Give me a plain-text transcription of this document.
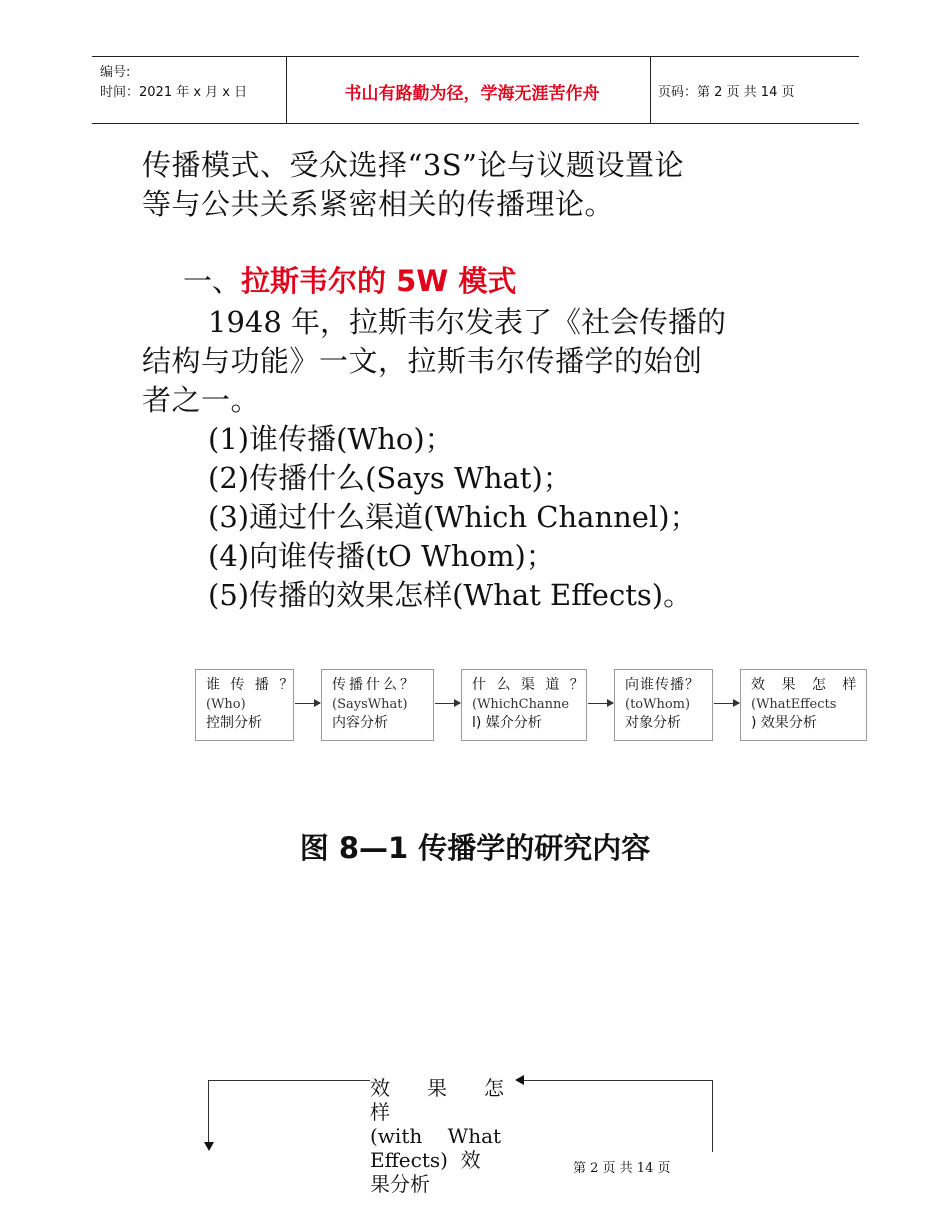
编号:
时间：2021 年 x 月 x 日	书山有路勤为径，学海无涯苦作舟	页码：第 2 页 共 14 页
传播模式、受众选择“3S”论与议题设置论
等与公共关系紧密相关的传播理论。
一、拉斯韦尔的 5W 模式
1948 年，拉斯韦尔发表了《社会传播的
结构与功能》一文，拉斯韦尔传播学的始创
者之一。
(1)谁传播(Who)；
(2)传播什么(Says What)；
(3)通过什么渠道(Which Channel)；
(4)向谁传播(tO Whom)；
(5)传播的效果怎样(What Effects)。
谁 传 播 ？
(Who)
控制分析
传播什么？
(SaysWhat)
内容分析
什 么 渠 道 ？
(WhichChanne
l) 媒介分析
向谁传播？
(toWhom)
对象分析
效 果 怎 样
(WhatEffects
) 效果分析
图 8—1 传播学的研究内容
效 果 怎 样
(with    What
Effects)  效
果分析
第 2 页 共 14 页
